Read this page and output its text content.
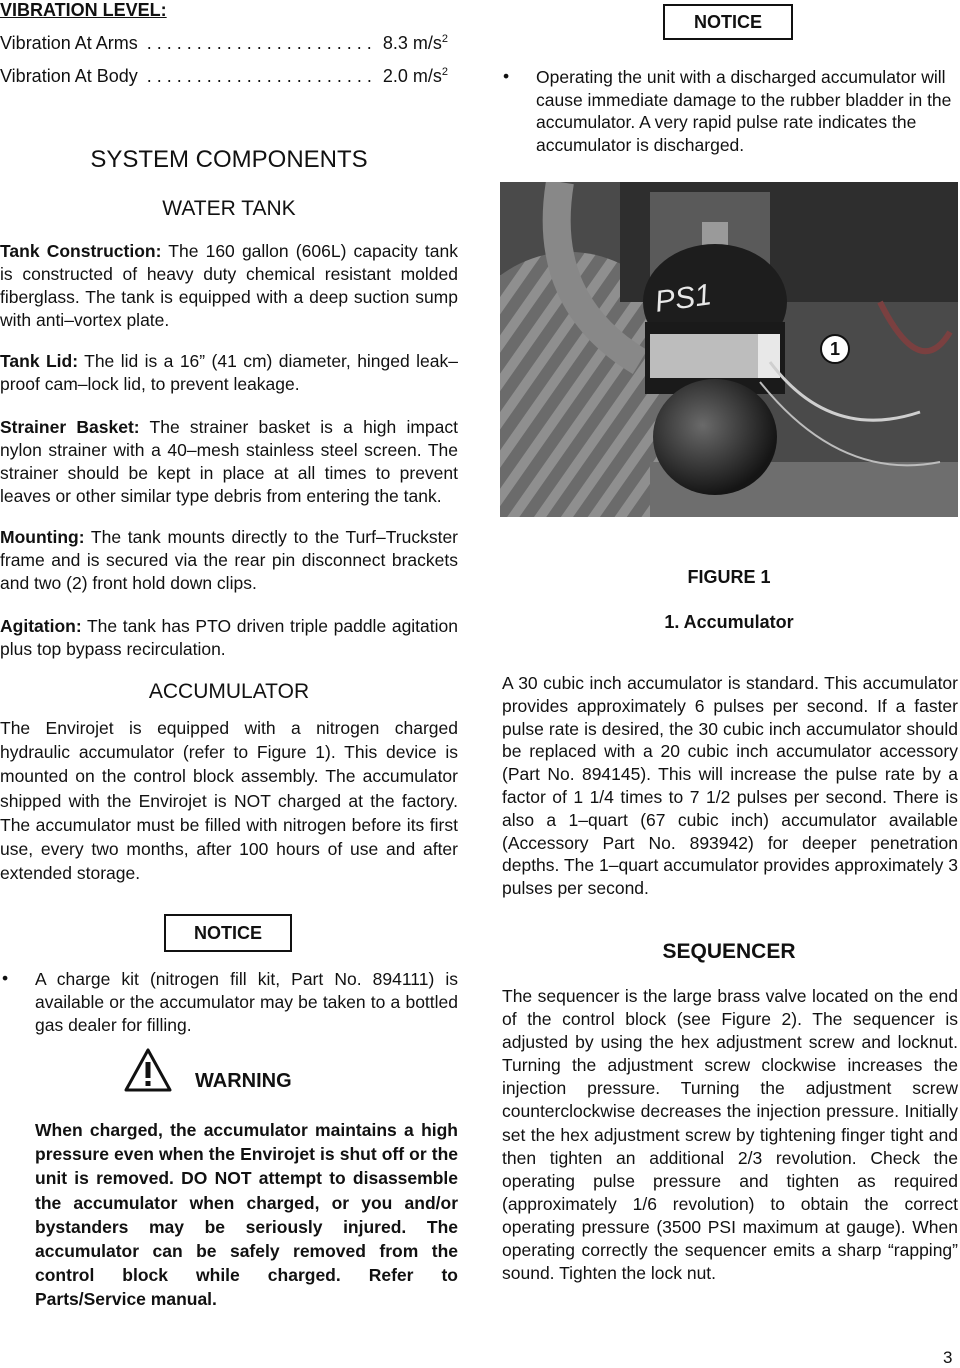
VIBRATION LEVEL:
Vibration At Arms . . . . . . . . . . . . . . . . . . . . . . . 8.3 $m/s^2$
Vibration At Body . . . . . . . . . . . . . . . . . . . . . . . 2.0 $m/s^2$
SYSTEM COMPONENTS
WATER TANK

Tank Construction: The 160 gallon (606L) capacity tank is constructed of heavy duty chemical resistant molded fiberglass. The tank is equipped with a deep suction sump with anti–vortex plate.

Tank Lid: The lid is a 16” (41 cm) diameter, hinged leak–proof cam–lock lid, to prevent leakage.

Strainer Basket: The strainer basket is a high impact nylon strainer with a 40–mesh stainless steel screen. The strainer should be kept in place at all times to prevent leaves or other similar type debris from entering the tank.

Mounting: The tank mounts directly to the Turf–Truckster frame and is secured via the rear pin disconnect brackets and two (2) front hold down clips.

Agitation: The tank has PTO driven triple paddle agitation plus top bypass recirculation.

ACCUMULATOR

The Envirojet is equipped with a nitrogen charged hydraulic accumulator (refer to Figure 1). This device is mounted on the control block assembly. The accumulator shipped with the Envirojet is NOT charged at the factory. The accumulator must be filled with nitrogen before its first use, every two months, after 100 hours of use and after extended storage.

NOTICE
• A charge kit (nitrogen fill kit, Part No. 894111) is available or the accumulator may be taken to a bottled gas dealer for filling.
WARNING

When charged, the accumulator maintains a high pressure even when the Envirojet is shut off or the unit is removed. DO NOT attempt to disassemble the accumulator when charged, or you and/or bystanders may be seriously injured. The accumulator can be safely removed from the control block while charged. Refer to Parts/Service manual.

NOTICE
• Operating the unit with a discharged accumulator will cause immediate damage to the rubber bladder in the accumulator. A very rapid pulse rate indicates the accumulator is discharged.
PS1
1
FIGURE 1
1. Accumulator

A 30 cubic inch accumulator is standard. This accumulator provides approximately 6 pulses per second. If a faster pulse rate is desired, the 30 cubic inch accumulator should be replaced with a 20 cubic inch accumulator accessory (Part No. 894145). This will increase the pulse rate by a factor of 1 1/4 times to 7 1/2 pulses per second. There is also a 1–quart (67 cubic inch) accumulator available (Accessory Part No. 893942) for deeper penetration depths. The 1–quart accumulator provides approximately 3 pulses per second.

SEQUENCER

The sequencer is the large brass valve located on the end of the control block (see Figure 2). The sequencer is adjusted by using the hex adjustment screw and locknut. Turning the adjustment screw clockwise increases the injection pressure. Turning the adjustment screw counterclockwise decreases the injection pressure. Initially set the hex adjustment screw by tightening finger tight and then tighten an additional 2/3 revolution. Check the operating pulse pressure and tighten as required (approximately 1/6 revolution) to obtain the correct operating pressure (3500 PSI maximum at gauge). When operating correctly the sequencer emits a sharp “rapping” sound. Tighten the lock nut.

3
